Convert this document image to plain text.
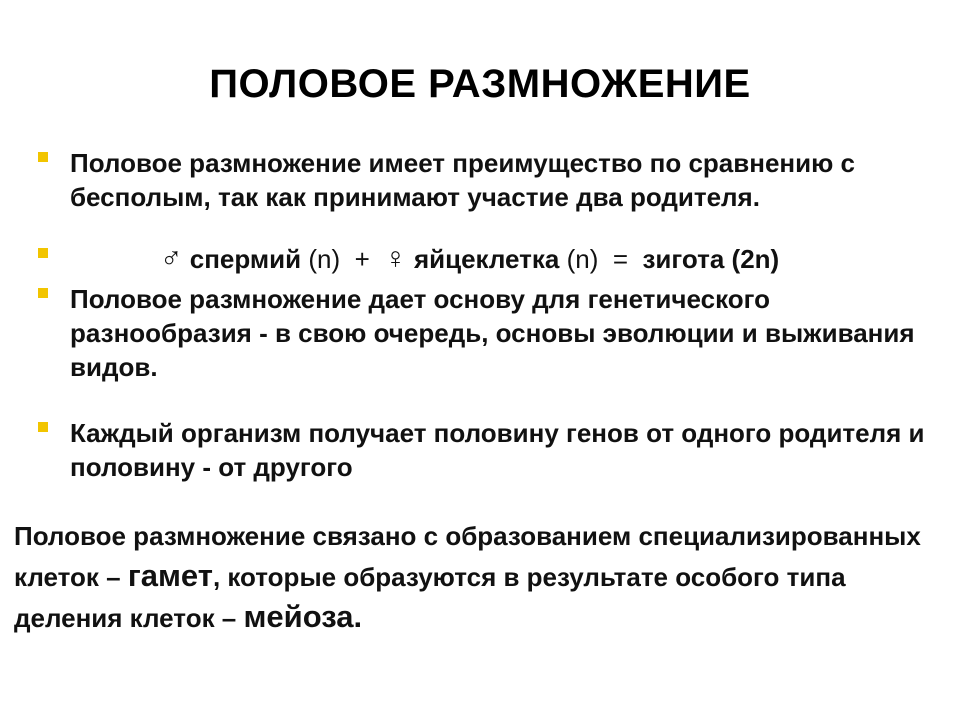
ПОЛОВОЕ РАЗМНОЖЕНИЕ
Половое размножение имеет преимущество по сравнению с бесполым, так как принимают участие два родителя.
♂ спермий (n) + ♀ яйцеклетка (n) = зигота (2n)
Половое размножение дает основу для генетического разнообразия - в свою очередь, основы эволюции и выживания видов.
Каждый организм получает половину генов от одного родителя и половину - от другого
Половое размножение связано с образованием специализированных клеток – гамет, которые образуются в результате особого типа деления клеток – мейоза.
